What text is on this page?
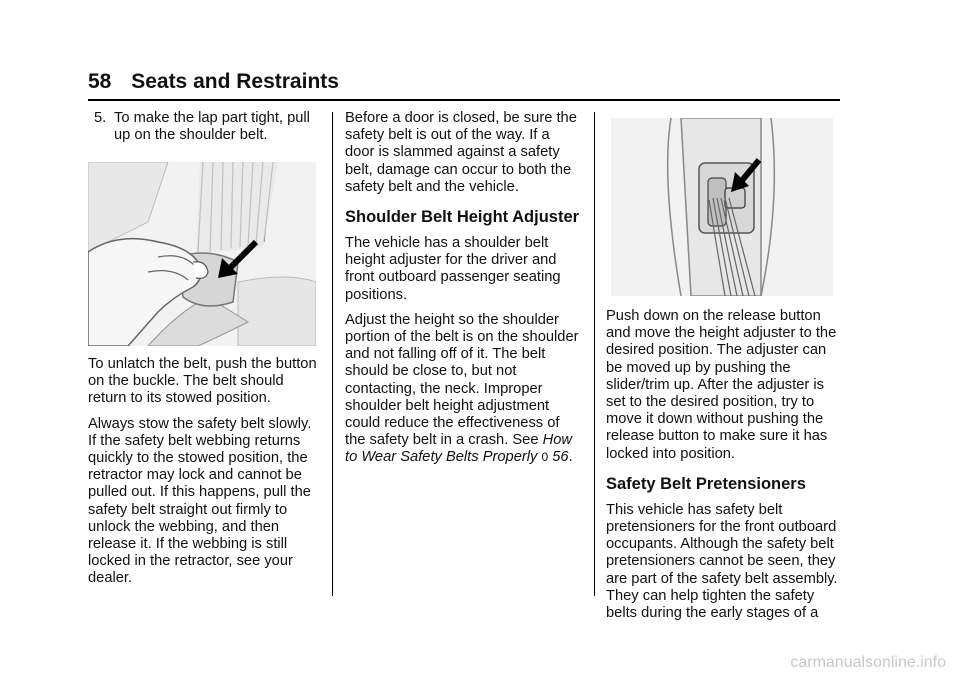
58 Seats and Restraints
5. To make the lap part tight, pull up on the shoulder belt.

To unlatch the belt, push the button on the buckle. The belt should return to its stowed position.

Always stow the safety belt slowly. If the safety belt webbing returns quickly to the stowed position, the retractor may lock and cannot be pulled out. If this happens, pull the safety belt straight out firmly to unlock the webbing, and then release it. If the webbing is still locked in the retractor, see your dealer.

Before a door is closed, be sure the safety belt is out of the way. If a door is slammed against a safety belt, damage can occur to both the safety belt and the vehicle.

Shoulder Belt Height Adjuster

The vehicle has a shoulder belt height adjuster for the driver and front outboard passenger seating positions.

Adjust the height so the shoulder portion of the belt is on the shoulder and not falling off of it. The belt should be close to, but not contacting, the neck. Improper shoulder belt height adjustment could reduce the effectiveness of the safety belt in a crash. See How to Wear Safety Belts Properly 0 56.

Push down on the release button and move the height adjuster to the desired position. The adjuster can be moved up by pushing the slider/trim up. After the adjuster is set to the desired position, try to move it down without pushing the release button to make sure it has locked into position.

Safety Belt Pretensioners

This vehicle has safety belt pretensioners for the front outboard occupants. Although the safety belt pretensioners cannot be seen, they are part of the safety belt assembly. They can help tighten the safety belts during the early stages of a

carmanualsonline.info
